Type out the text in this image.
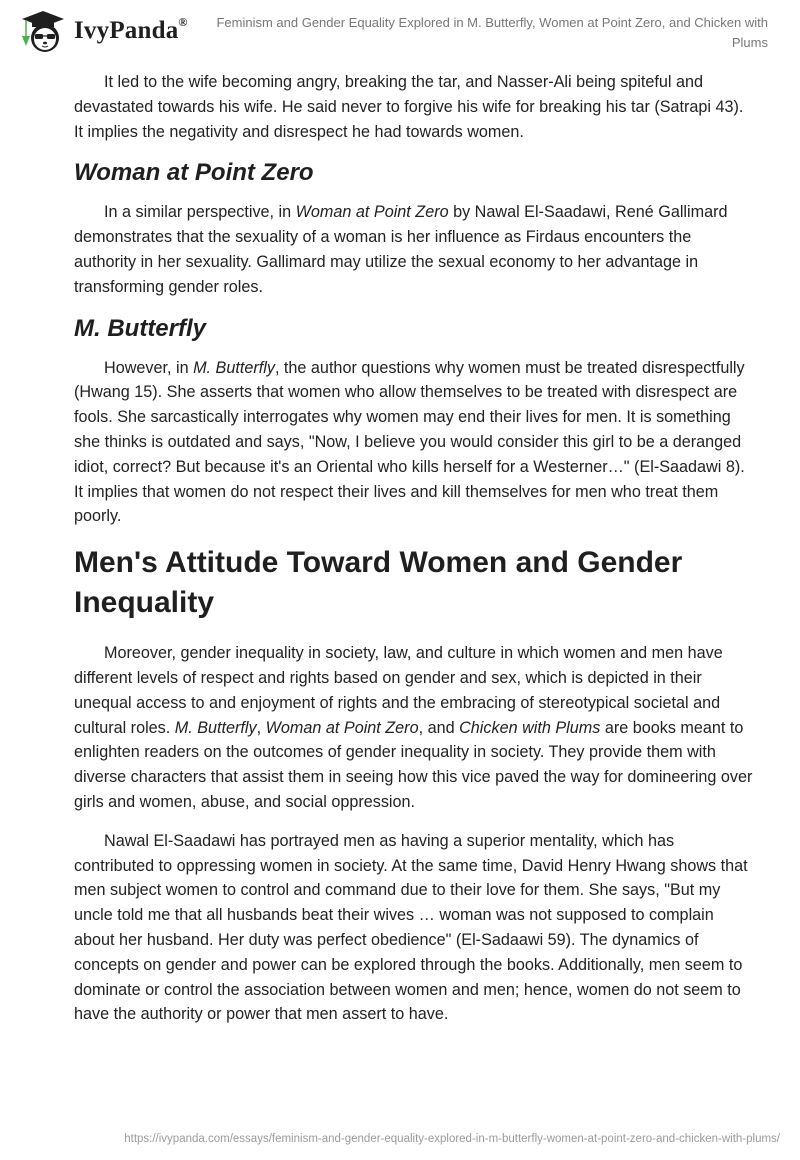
IvyPanda®	Feminism and Gender Equality Explored in M. Butterfly, Women at Point Zero, and Chicken with Plums

It led to the wife becoming angry, breaking the tar, and Nasser-Ali being spiteful and devastated towards his wife. He said never to forgive his wife for breaking his tar (Satrapi 43). It implies the negativity and disrespect he had towards women.

Woman at Point Zero

In a similar perspective, in Woman at Point Zero by Nawal El-Saadawi, René Gallimard demonstrates that the sexuality of a woman is her influence as Firdaus encounters the authority in her sexuality. Gallimard may utilize the sexual economy to her advantage in transforming gender roles.

M. Butterfly

However, in M. Butterfly, the author questions why women must be treated disrespectfully (Hwang 15). She asserts that women who allow themselves to be treated with disrespect are fools. She sarcastically interrogates why women may end their lives for men. It is something she thinks is outdated and says, "Now, I believe you would consider this girl to be a deranged idiot, correct? But because it's an Oriental who kills herself for a Westerner…" (El-Saadawi 8). It implies that women do not respect their lives and kill themselves for men who treat them poorly.

Men's Attitude Toward Women and Gender Inequality

Moreover, gender inequality in society, law, and culture in which women and men have different levels of respect and rights based on gender and sex, which is depicted in their unequal access to and enjoyment of rights and the embracing of stereotypical societal and cultural roles. M. Butterfly, Woman at Point Zero, and Chicken with Plums are books meant to enlighten readers on the outcomes of gender inequality in society. They provide them with diverse characters that assist them in seeing how this vice paved the way for domineering over girls and women, abuse, and social oppression.

Nawal El-Saadawi has portrayed men as having a superior mentality, which has contributed to oppressing women in society. At the same time, David Henry Hwang shows that men subject women to control and command due to their love for them. She says, "But my uncle told me that all husbands beat their wives … woman was not supposed to complain about her husband. Her duty was perfect obedience" (El-Sadaawi 59). The dynamics of concepts on gender and power can be explored through the books. Additionally, men seem to dominate or control the association between women and men; hence, women do not seem to have the authority or power that men assert to have.

https://ivypanda.com/essays/feminism-and-gender-equality-explored-in-m-butterfly-women-at-point-zero-and-chicken-with-plums/
